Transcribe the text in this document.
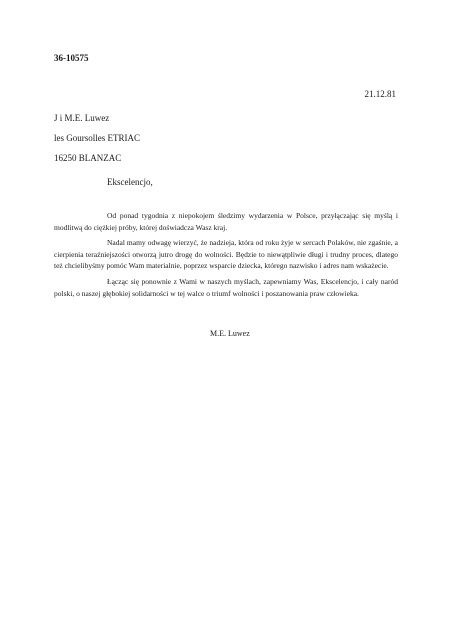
36-10575
21.12.81
J i M.E. Luwez
les Goursolles ETRIAC
16250 BLANZAC
Ekscelencjo,

Od ponad tygodnia z niepokojem śledzimy wydarzenia w Polsce, przyłączając się myślą i modlitwą do ciężkiej próby, której doświadcza Wasz kraj.

Nadal mamy odwagę wierzyć, że nadzieja, która od roku żyje w sercach Polaków, nie zgaśnie, a cierpienia teraźniejszości otworzą jutro drogę do wolności. Będzie to niewątpliwie długi i trudny proces, dlatego też chcielibyśmy pomóc Wam materialnie, poprzez wsparcie dziecka, którego nazwisko i adres nam wskażecie.

Łącząc się ponownie z Wami w naszych myślach, zapewniamy Was, Ekscelencjo, i cały naród polski, o naszej głębokiej solidarności w tej walce o triumf wolności i poszanowania praw człowieka.

M.E. Luwez
